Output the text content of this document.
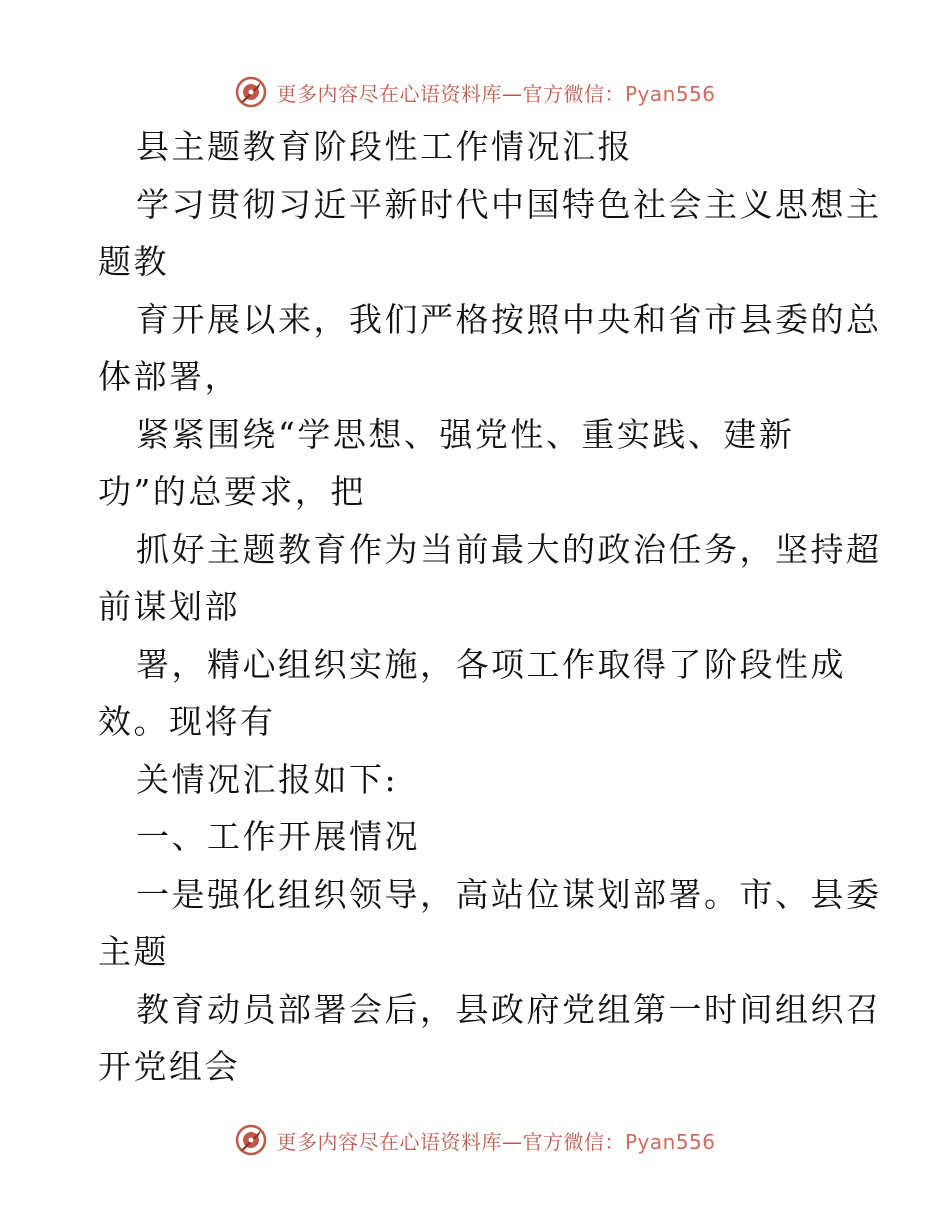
更多内容尽在心语资料库—官方微信：Pyan556
县主题教育阶段性工作情况汇报
学习贯彻习近平新时代中国特色社会主义思想主
题教
育开展以来，我们严格按照中央和省市县委的总
体部署，
紧紧围绕“学思想、强党性、重实践、建新
功”的总要求，把
抓好主题教育作为当前最大的政治任务，坚持超
前谋划部
署，精心组织实施，各项工作取得了阶段性成
效。现将有
关情况汇报如下:
一、工作开展情况
一是强化组织领导，高站位谋划部署。市、县委
主题
教育动员部署会后，县政府党组第一时间组织召
开党组会
更多内容尽在心语资料库—官方微信：Pyan556
